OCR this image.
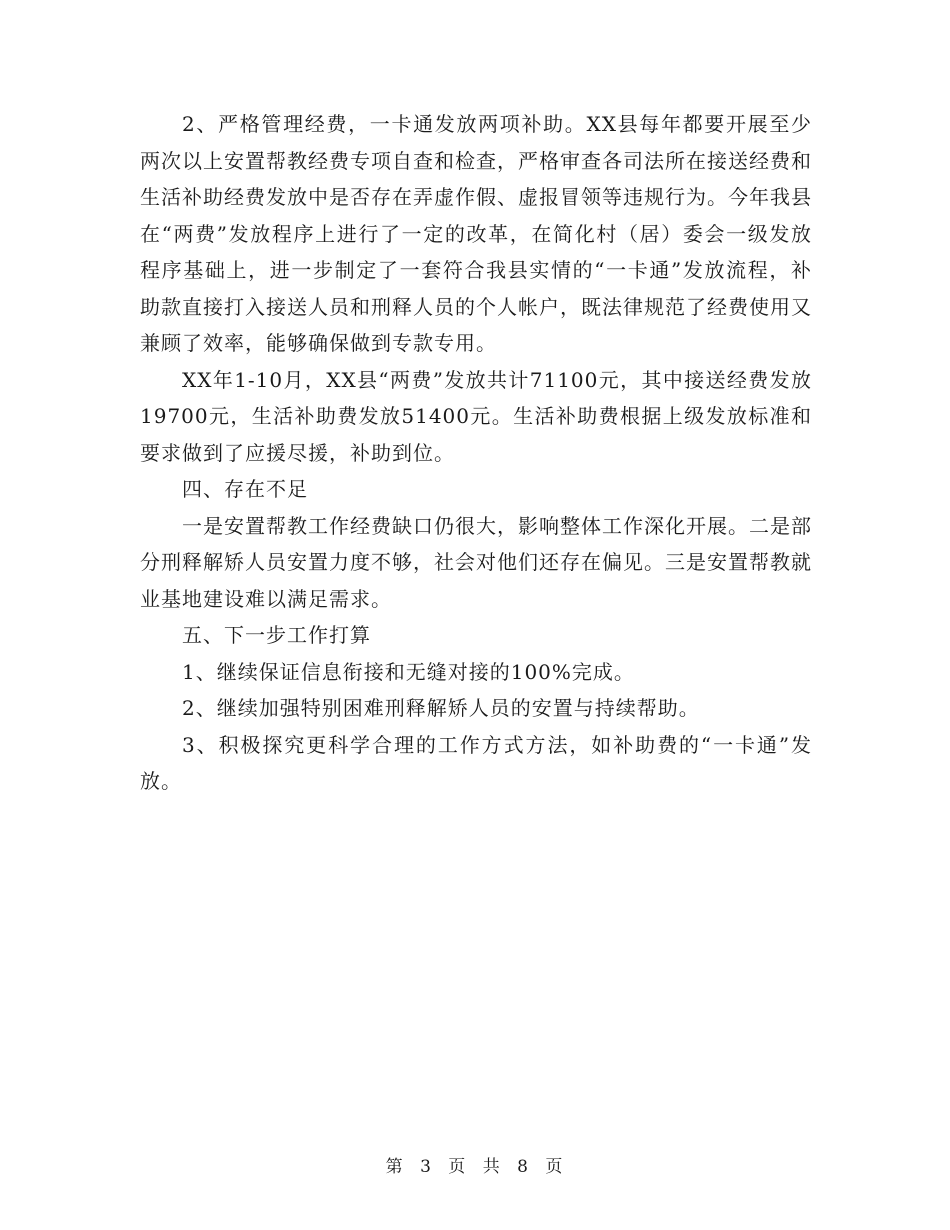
2、严格管理经费，一卡通发放两项补助。XX县每年都要开展至少两次以上安置帮教经费专项自查和检查，严格审查各司法所在接送经费和生活补助经费发放中是否存在弄虚作假、虚报冒领等违规行为。今年我县在“两费”发放程序上进行了一定的改革，在简化村（居）委会一级发放程序基础上，进一步制定了一套符合我县实情的“一卡通”发放流程，补助款直接打入接送人员和刑释人员的个人帐户，既法律规范了经费使用又兼顾了效率，能够确保做到专款专用。

XX年1-10月，XX县“两费”发放共计71100元，其中接送经费发放19700元，生活补助费发放51400元。生活补助费根据上级发放标准和要求做到了应援尽援，补助到位。

四、存在不足

一是安置帮教工作经费缺口仍很大，影响整体工作深化开展。二是部分刑释解矫人员安置力度不够，社会对他们还存在偏见。三是安置帮教就业基地建设难以满足需求。

五、下一步工作打算

1、继续保证信息衔接和无缝对接的100%完成。

2、继续加强特别困难刑释解矫人员的安置与持续帮助。

3、积极探究更科学合理的工作方式方法，如补助费的“一卡通”发放。

第 3 页 共 8 页
